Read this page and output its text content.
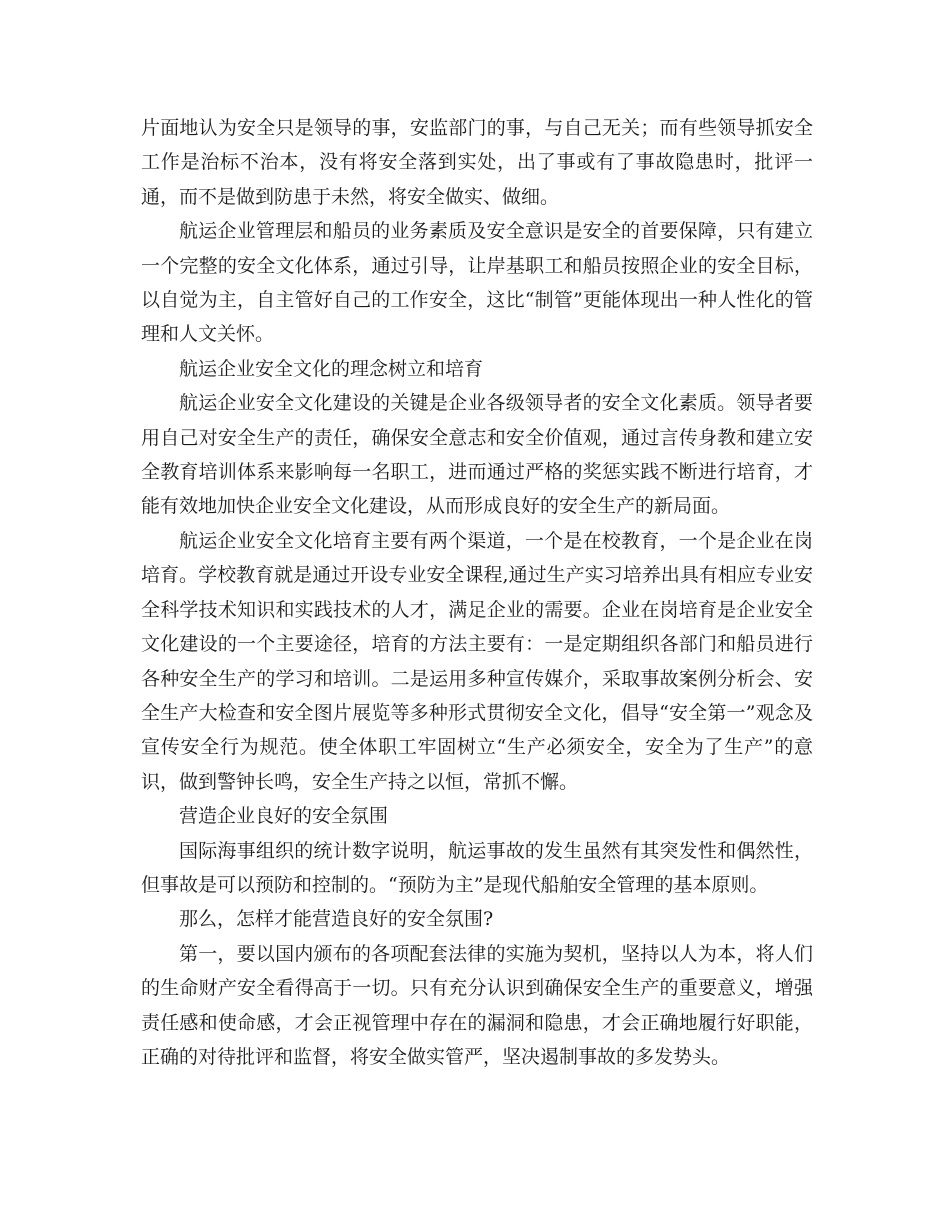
片面地认为安全只是领导的事，安监部门的事，与自己无关；而有些领导抓安全工作是治标不治本，没有将安全落到实处，出了事或有了事故隐患时，批评一通，而不是做到防患于未然，将安全做实、做细。

航运企业管理层和船员的业务素质及安全意识是安全的首要保障，只有建立一个完整的安全文化体系，通过引导，让岸基职工和船员按照企业的安全目标，以自觉为主，自主管好自己的工作安全，这比“制管”更能体现出一种人性化的管理和人文关怀。

航运企业安全文化的理念树立和培育

航运企业安全文化建设的关键是企业各级领导者的安全文化素质。领导者要用自己对安全生产的责任，确保安全意志和安全价值观，通过言传身教和建立安全教育培训体系来影响每一名职工，进而通过严格的奖惩实践不断进行培育，才能有效地加快企业安全文化建设，从而形成良好的安全生产的新局面。

航运企业安全文化培育主要有两个渠道，一个是在校教育，一个是企业在岗培育。学校教育就是通过开设专业安全课程,通过生产实习培养出具有相应专业安全科学技术知识和实践技术的人才，满足企业的需要。企业在岗培育是企业安全文化建设的一个主要途径，培育的方法主要有：一是定期组织各部门和船员进行各种安全生产的学习和培训。二是运用多种宣传媒介，采取事故案例分析会、安全生产大检查和安全图片展览等多种形式贯彻安全文化，倡导“安全第一”观念及宣传安全行为规范。使全体职工牢固树立“生产必须安全，安全为了生产”的意识，做到警钟长鸣，安全生产持之以恒，常抓不懈。

营造企业良好的安全氛围

国际海事组织的统计数字说明，航运事故的发生虽然有其突发性和偶然性，但事故是可以预防和控制的。“预防为主”是现代船舶安全管理的基本原则。

那么，怎样才能营造良好的安全氛围?

第一，要以国内颁布的各项配套法律的实施为契机，坚持以人为本，将人们的生命财产安全看得高于一切。只有充分认识到确保安全生产的重要意义，增强责任感和使命感，才会正视管理中存在的漏洞和隐患，才会正确地履行好职能，正确的对待批评和监督，将安全做实管严，坚决遏制事故的多发势头。
